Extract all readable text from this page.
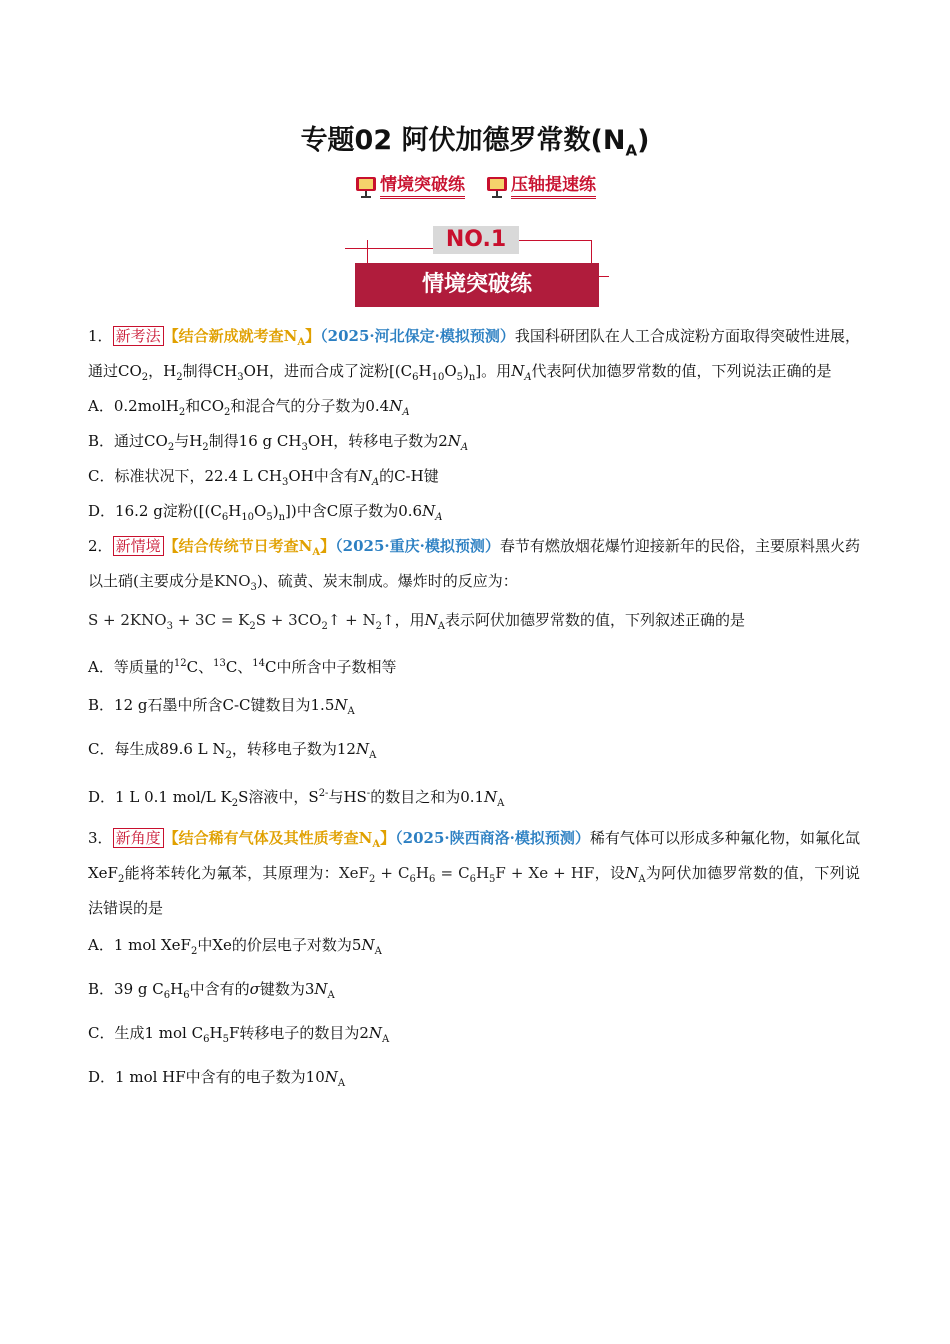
专题02 阿伏加德罗常数$(N_A)$
情境突破练	压轴提速练
NO.1
情境突破练

1． 新考法 【结合新成就考查$N_A$】（2025·河北保定·模拟预测）我国科研团队在人工合成淀粉方面取得突破性进展，通过$CO_2$，$H_2$制得$CH_3OH$，进而合成了淀粉$[(C_6H_{10}O_5)_n]$。用$N_A$代表阿伏加德罗常数的值，下列说法正确的是

A．0.2molH$_2$和$CO_2$和混合气的分子数为$0.4N_A$

B．通过$CO_2$与$H_2$制得16 g $CH_3OH$，转移电子数为$2N_A$

C．标准状况下，22.4 L $CH_3OH$中含有$N_A$的C-H键

D．16.2 g淀粉$([(C_6H_{10}O_5)_n])$中含C原子数为$0.6N_A$

2． 新情境 【结合传统节日考查$N_A$】（2025·重庆·模拟预测）春节有燃放烟花爆竹迎接新年的民俗，主要原料黑火药以土硝(主要成分是$KNO_3$)、硫黄、炭末制成。爆炸时的反应为：

$S + 2KNO_3 + 3C = K_2S$ + $3CO_2↑$ + $N_2↑$，用$N_A$表示阿伏加德罗常数的值，下列叙述正确的是

A．等质量的$^{12}$C、$^{13}$C、$^{14}$C中所含中子数相等

B．12 g石墨中所含C-C键数目为$1.5N_A$

C．每生成89.6 L $N_2$，转移电子数为$12N_A$

D．1 L 0.1 mol/L $K_2S$溶液中，$S^{2-}$与HS-的数目之和为$0.1N_A$

3． 新角度 【结合稀有气体及其性质考查$N_A$】（2025·陕西商洛·模拟预测）稀有气体可以形成多种氟化物，如氟化氙XeF$_2$能将苯转化为氟苯，其原理为：$XeF_2 + C_6H_6 = C_6H_5F + Xe$ + HF，设$N_A$为阿伏加德罗常数的值，下列说法错误的是

A．1 mol XeF$_2$中Xe的价层电子对数为$5N_A$

B．39 g $C_6H_6$中含有的σ键数为$3N_A$

C．生成1 mol $C_6H_5F$转移电子的数目为$2N_A$

D．1 mol HF中含有的电子数为$10N_A$
